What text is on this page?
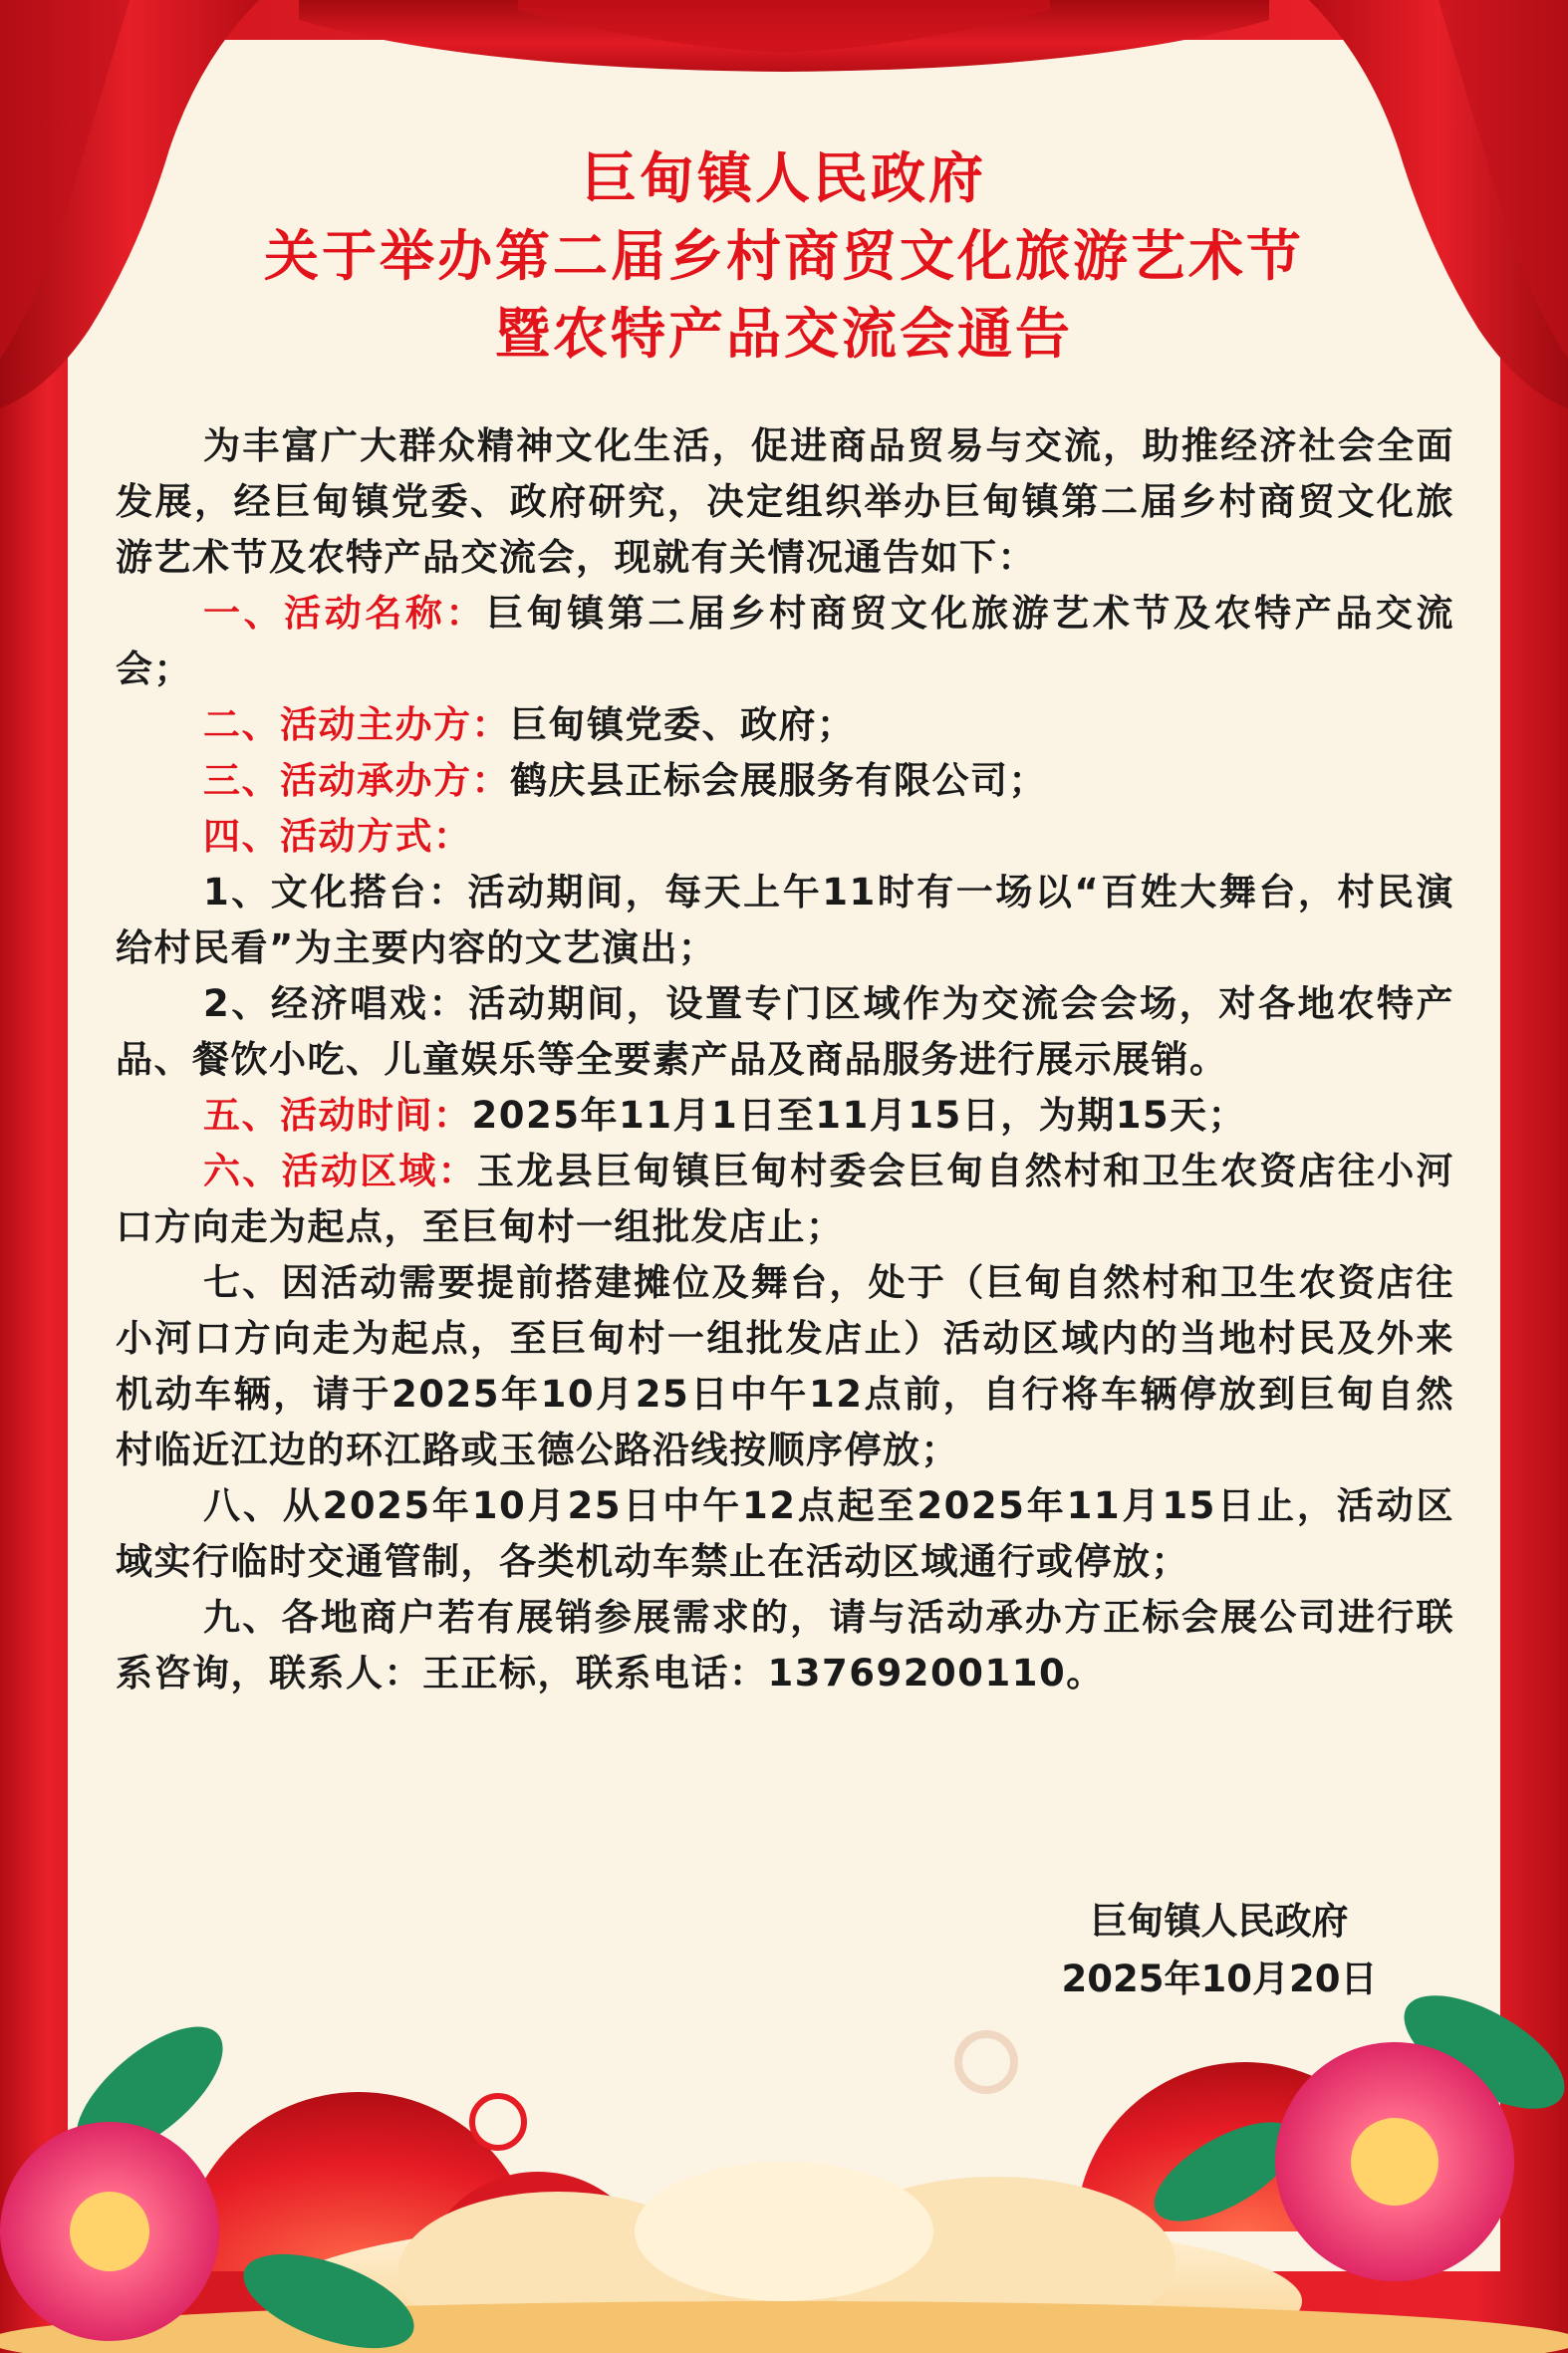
巨甸镇人民政府

关于举办第二届乡村商贸文化旅游艺术节

暨农特产品交流会通告

为丰富广大群众精神文化生活，促进商品贸易与交流，助推经济社会全面发展，经巨甸镇党委、政府研究，决定组织举办巨甸镇第二届乡村商贸文化旅游艺术节及农特产品交流会，现就有关情况通告如下：

一、活动名称：巨甸镇第二届乡村商贸文化旅游艺术节及农特产品交流会；

二、活动主办方：巨甸镇党委、政府；

三、活动承办方：鹤庆县正标会展服务有限公司；

四、活动方式：

1、文化搭台：活动期间，每天上午11时有一场以“百姓大舞台，村民演给村民看”为主要内容的文艺演出；

2、经济唱戏：活动期间，设置专门区域作为交流会会场，对各地农特产品、餐饮小吃、儿童娱乐等全要素产品及商品服务进行展示展销。

五、活动时间：2025年11月1日至11月15日，为期15天；

六、活动区域：玉龙县巨甸镇巨甸村委会巨甸自然村和卫生农资店往小河口方向走为起点，至巨甸村一组批发店止；

七、因活动需要提前搭建摊位及舞台，处于（巨甸自然村和卫生农资店往小河口方向走为起点，至巨甸村一组批发店止）活动区域内的当地村民及外来机动车辆，请于2025年10月25日中午12点前，自行将车辆停放到巨甸自然村临近江边的环江路或玉德公路沿线按顺序停放；

八、从2025年10月25日中午12点起至2025年11月15日止，活动区域实行临时交通管制，各类机动车禁止在活动区域通行或停放；

九、各地商户若有展销参展需求的，请与活动承办方正标会展公司进行联系咨询，联系人：王正标，联系电话：13769200110。

巨甸镇人民政府
2025年10月20日
